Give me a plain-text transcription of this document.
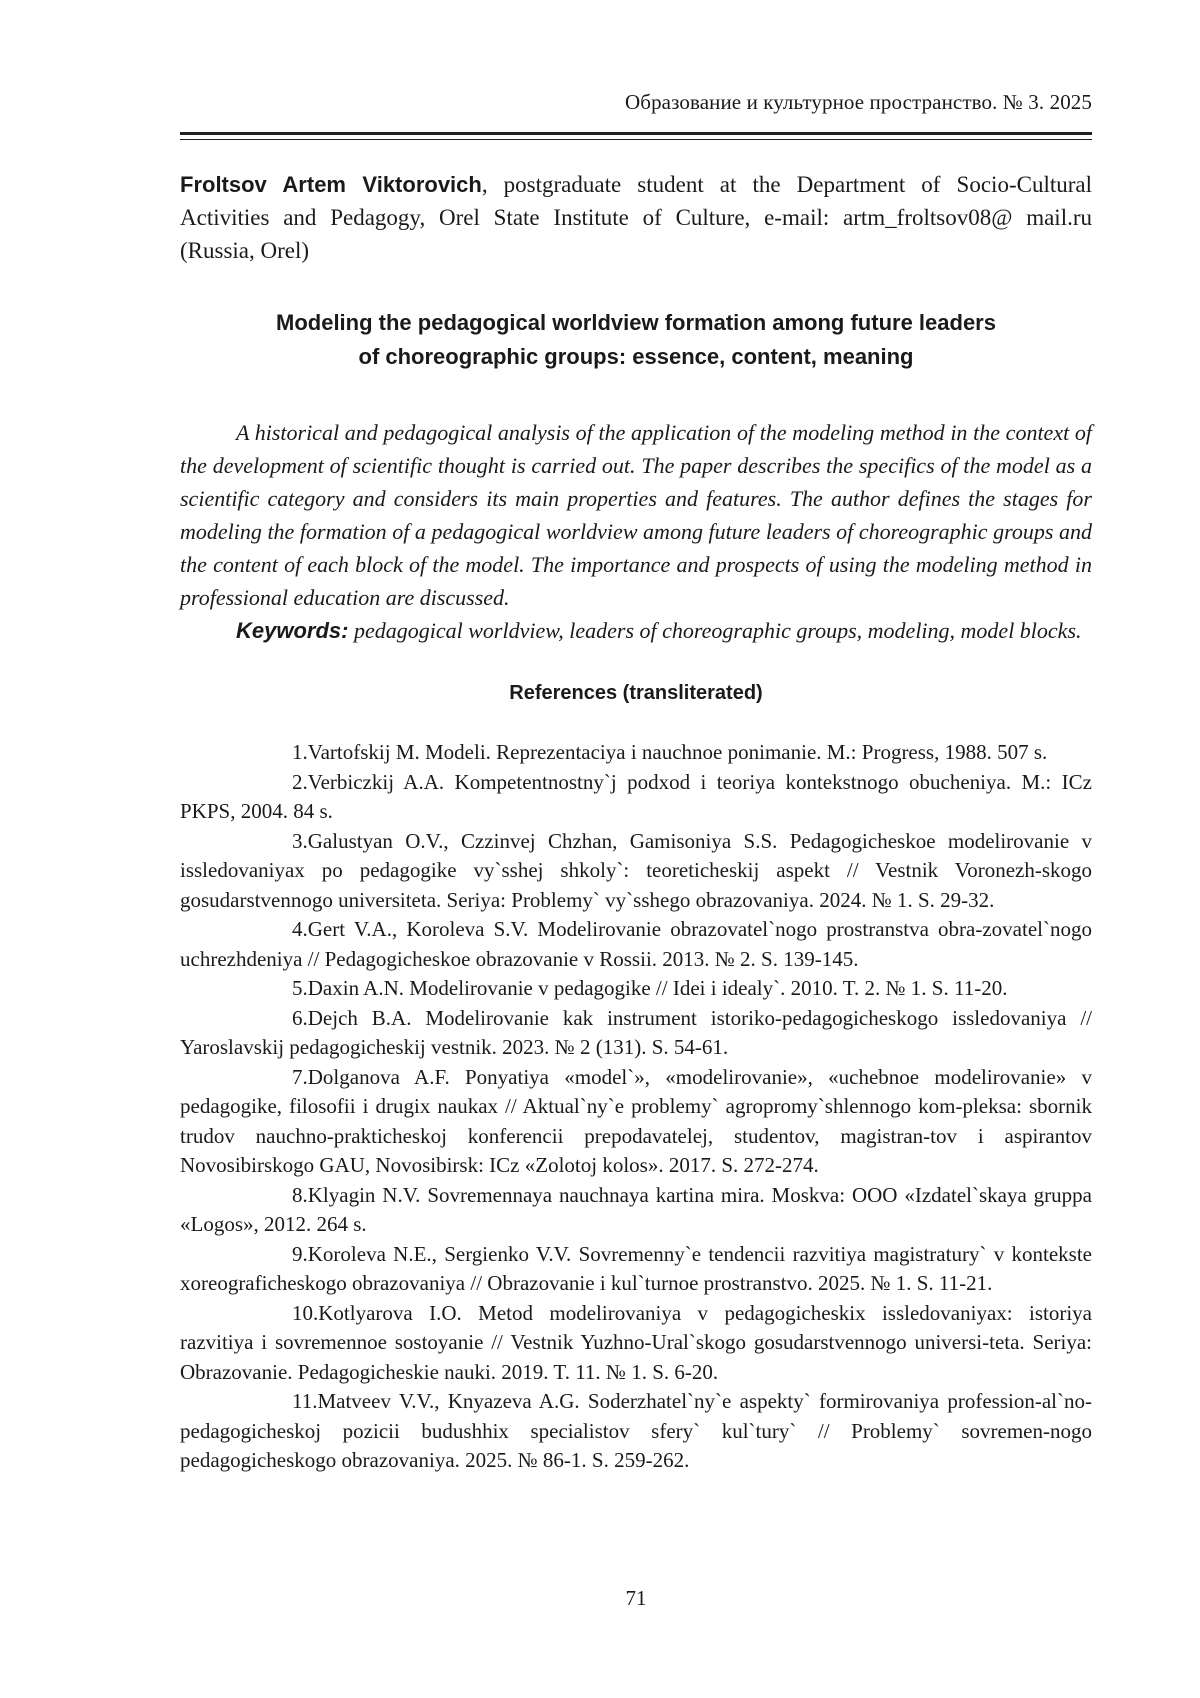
Образование и культурное пространство. № 3. 2025
Froltsov Artem Viktorovich, postgraduate student at the Department of Socio-Cultural Activities and Pedagogy, Orel State Institute of Culture, e-mail: artm_froltsov08@ mail.ru (Russia, Orel)
Modeling the pedagogical worldview formation among future leaders
of choreographic groups: essence, content, meaning
A historical and pedagogical analysis of the application of the modeling method in the context of the development of scientific thought is carried out. The paper describes the specifics of the model as a scientific category and considers its main properties and features. The author defines the stages for modeling the formation of a pedagogical worldview among future leaders of choreographic groups and the content of each block of the model. The importance and prospects of using the modeling method in professional education are discussed.
Keywords: pedagogical worldview, leaders of choreographic groups, modeling, model blocks.
References (transliterated)

1.Vartofskij M. Modeli. Reprezentaciya i nauchnoe ponimanie. M.: Progress, 1988. 507 s.

2.Verbiczkij A.A. Kompetentnostny`j podxod i teoriya kontekstnogo obucheniya. M.: ICz PKPS, 2004. 84 s.

3.Galustyan O.V., Czzinvej Chzhan, Gamisoniya S.S. Pedagogicheskoe modelirovanie v issledovaniyax po pedagogike vy`sshej shkoly`: teoreticheskij aspekt // Vestnik Voronezh-skogo gosudarstvennogo universiteta. Seriya: Problemy` vy`sshego obrazovaniya. 2024. № 1. S. 29-32.

4.Gert V.A., Koroleva S.V. Modelirovanie obrazovatel`nogo prostranstva obra-zovatel`nogo uchrezhdeniya // Pedagogicheskoe obrazovanie v Rossii. 2013. № 2. S. 139-145.

5.Daxin A.N. Modelirovanie v pedagogike // Idei i idealy`. 2010. T. 2. № 1. S. 11-20.

6.Dejch B.A. Modelirovanie kak instrument istoriko-pedagogicheskogo issledovaniya // Yaroslavskij pedagogicheskij vestnik. 2023. № 2 (131). S. 54-61.

7.Dolganova A.F. Ponyatiya «model`», «modelirovanie», «uchebnoe modelirovanie» v pedagogike, filosofii i drugix naukax // Aktual`ny`e problemy` agropromy`shlennogo kom-pleksa: sbornik trudov nauchno-prakticheskoj konferencii prepodavatelej, studentov, magistran-tov i aspirantov Novosibirskogo GAU, Novosibirsk: ICz «Zolotoj kolos». 2017. S. 272-274.

8.Klyagin N.V. Sovremennaya nauchnaya kartina mira. Moskva: OOO «Izdatel`skaya gruppa «Logos», 2012. 264 s.

9.Koroleva N.E., Sergienko V.V. Sovremenny`e tendencii razvitiya magistratury` v kontekste xoreograficheskogo obrazovaniya // Obrazovanie i kul`turnoe prostranstvo. 2025. № 1. S. 11-21.

10.Kotlyarova I.O. Metod modelirovaniya v pedagogicheskix issledovaniyax: istoriya razvitiya i sovremennoe sostoyanie // Vestnik Yuzhno-Ural`skogo gosudarstvennogo universi-teta. Seriya: Obrazovanie. Pedagogicheskie nauki. 2019. T. 11. № 1. S. 6-20.

11.Matveev V.V., Knyazeva A.G. Soderzhatel`ny`e aspekty` formirovaniya profession-al`no-pedagogicheskoj pozicii budushhix specialistov sfery` kul`tury` // Problemy` sovremen-nogo pedagogicheskogo obrazovaniya. 2025. № 86-1. S. 259-262.

71
